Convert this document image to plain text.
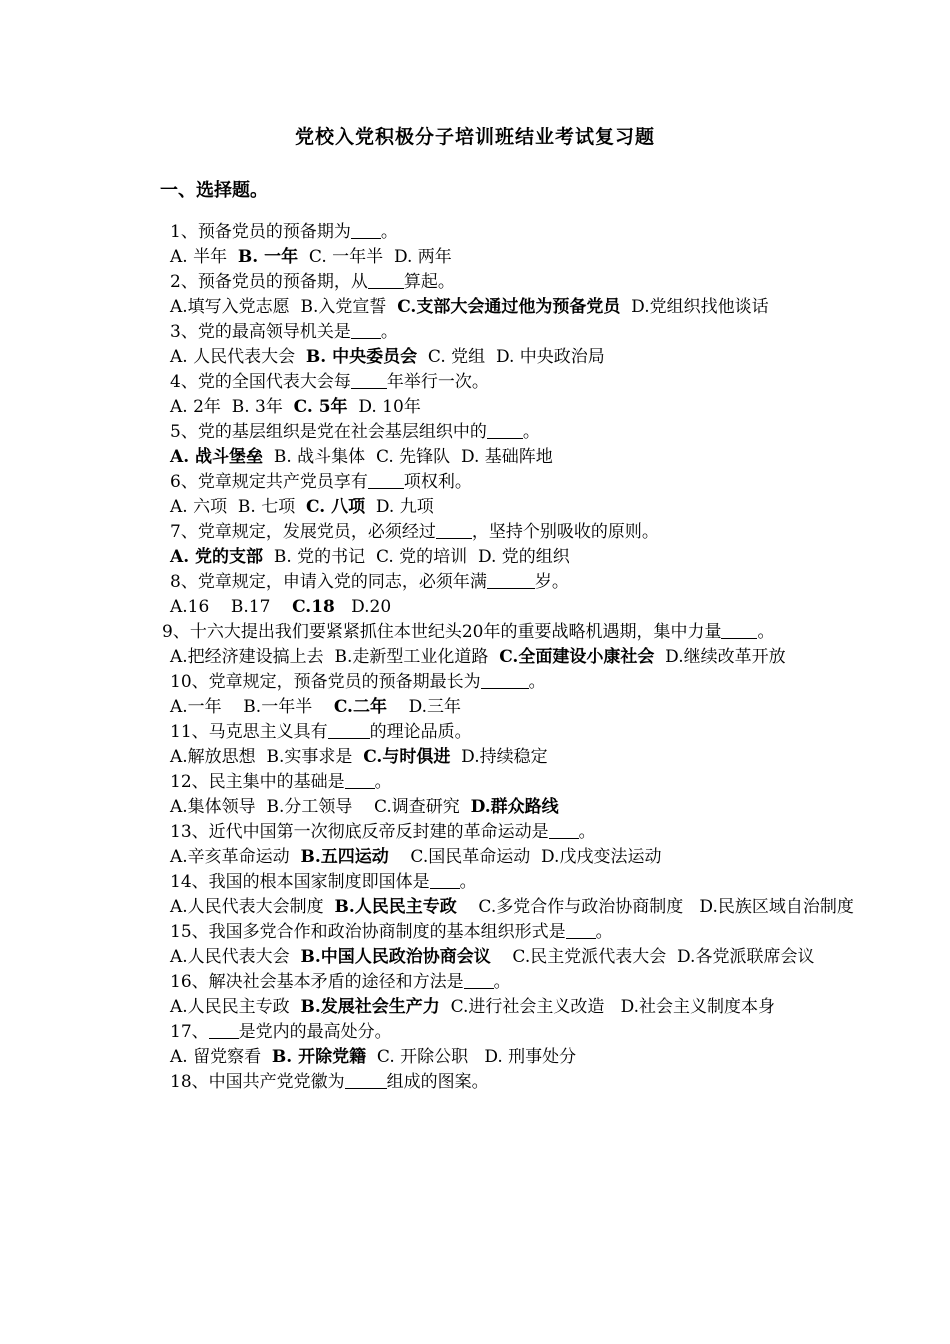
党校入党积极分子培训班结业考试复习题
一、选择题。
1、预备党员的预备期为 。
A. 半年  B. 一年  C. 一年半  D. 两年
2、预备党员的预备期，从 算起。
A.填写入党志愿  B.入党宣誓  C.支部大会通过他为预备党员  D.党组织找他谈话
3、党的最高领导机关是 。
A. 人民代表大会  B. 中央委员会  C. 党组  D. 中央政治局
4、党的全国代表大会每 年举行一次。
A. 2年  B. 3年  C. 5年  D. 10年
5、党的基层组织是党在社会基层组织中的 。
A. 战斗堡垒  B. 战斗集体  C. 先锋队  D. 基础阵地
6、党章规定共产党员享有 项权利。
A. 六项  B. 七项  C. 八项  D. 九项
7、党章规定，发展党员，必须经过 ，坚持个别吸收的原则。
A. 党的支部  B. 党的书记  C. 党的培训  D. 党的组织
8、党章规定，申请入党的同志，必须年满	岁。
A.16    B.17    C.18   D.20
9、十六大提出我们要紧紧抓住本世纪头20年的重要战略机遇期，集中力量 。
A.把经济建设搞上去  B.走新型工业化道路  C.全面建设小康社会  D.继续改革开放
10、党章规定，预备党员的预备期最长为	。
A.一年    B.一年半    C.二年    D.三年
11、马克思主义具有 的理论品质。
A.解放思想  B.实事求是  C.与时俱进  D.持续稳定
12、民主集中的基础是 。
A.集体领导  B.分工领导    C.调查研究  D.群众路线
13、近代中国第一次彻底反帝反封建的革命运动是 。
A.辛亥革命运动  B.五四运动    C.国民革命运动  D.戊戌变法运动
14、我国的根本国家制度即国体是 。
A.人民代表大会制度  B.人民民主专政    C.多党合作与政治协商制度   D.民族区域自治制度
15、我国多党合作和政治协商制度的基本组织形式是 。
A.人民代表大会  B.中国人民政治协商会议    C.民主党派代表大会  D.各党派联席会议
16、解决社会基本矛盾的途径和方法是 。
A.人民民主专政  B.发展社会生产力  C.进行社会主义改造   D.社会主义制度本身
17、 是党内的最高处分。
A. 留党察看  B. 开除党籍  C. 开除公职   D. 刑事处分
18、中国共产党党徽为 组成的图案。
